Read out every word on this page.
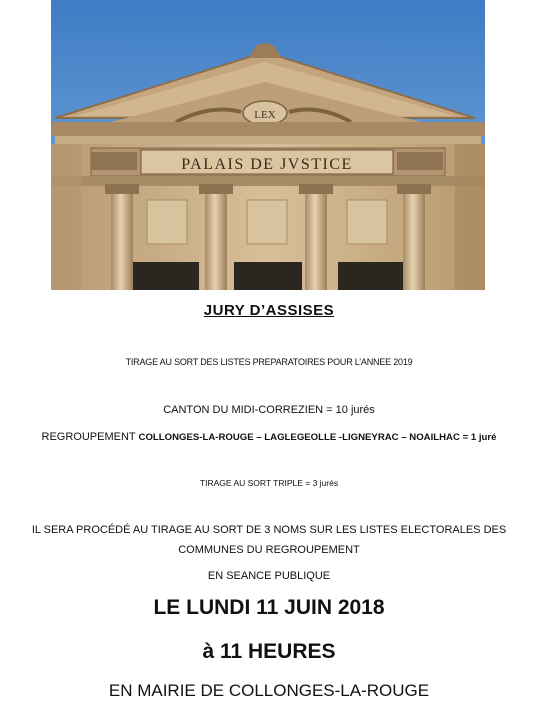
LEX
PALAIS DE JVSTICE
JURY D’ASSISES
TIRAGE AU SORT DES LISTES PREPARATOIRES POUR L’ANNEE 2019
CANTON DU MIDI-CORREZIEN = 10 jurés
REGROUPEMENT COLLONGES-LA-ROUGE – LAGLEGEOLLE -LIGNEYRAC – NOAILHAC = 1 juré
TIRAGE AU SORT TRIPLE = 3 jurés
IL SERA PROCÉDÉ AU TIRAGE AU SORT DE 3 NOMS SUR LES LISTES ELECTORALES DES
COMMUNES DU REGROUPEMENT
EN SEANCE PUBLIQUE
LE LUNDI 11 JUIN 2018
à 11 HEURES
EN MAIRIE DE COLLONGES-LA-ROUGE
